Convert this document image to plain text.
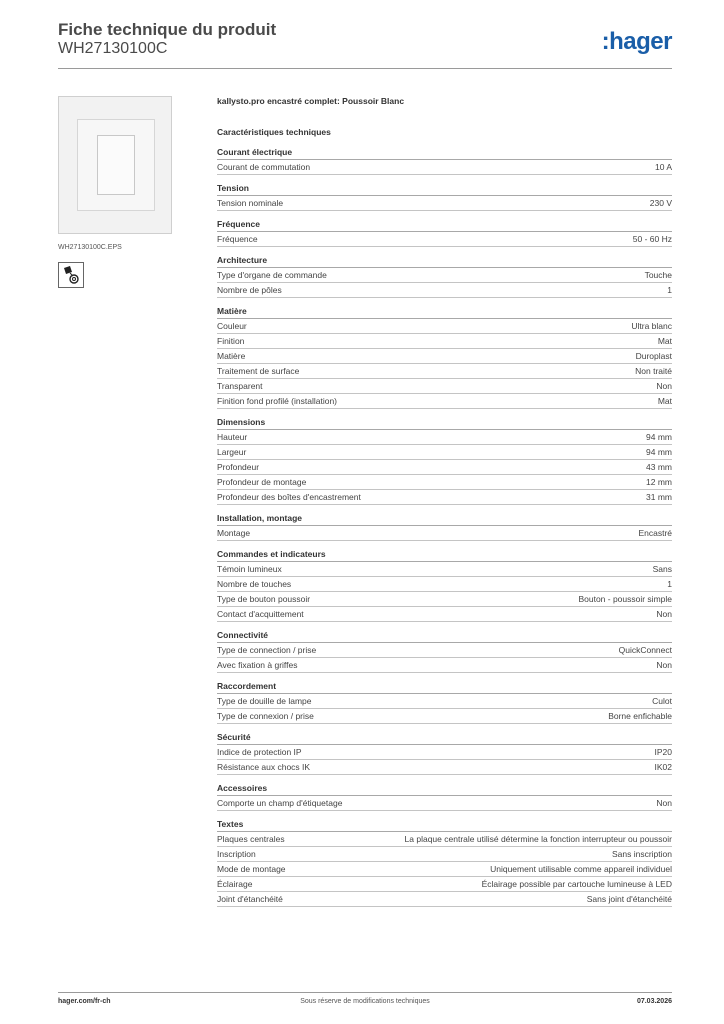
Fiche technique du produit
WH27130100C	:hager
WH27130100C.EPS
kallysto.pro encastré complet: Poussoir Blanc
Caractéristiques techniques
Courant électrique
Courant de commutation	10 A
Tension
Tension nominale	230 V
Fréquence
Fréquence	50 - 60 Hz
Architecture
Type d'organe de commande	Touche
Nombre de pôles	1
Matière
Couleur	Ultra blanc
Finition	Mat
Matière	Duroplast
Traitement de surface	Non traité
Transparent	Non
Finition fond profilé (installation)	Mat
Dimensions
Hauteur	94 mm
Largeur	94 mm
Profondeur	43 mm
Profondeur de montage	12 mm
Profondeur des boîtes d'encastrement	31 mm
Installation, montage
Montage	Encastré
Commandes et indicateurs
Témoin lumineux	Sans
Nombre de touches	1
Type de bouton poussoir	Bouton - poussoir simple
Contact d'acquittement	Non
Connectivité
Type de connection / prise	QuickConnect
Avec fixation à griffes	Non
Raccordement
Type de douille de lampe	Culot
Type de connexion / prise	Borne enfichable
Sécurité
Indice de protection IP	IP20
Résistance aux chocs IK	IK02
Accessoires
Comporte un champ d'étiquetage	Non
Textes
Plaques centrales	La plaque centrale utilisé détermine la fonction interrupteur ou poussoir
Inscription	Sans inscription
Mode de montage	Uniquement utilisable comme appareil individuel
Éclairage	Éclairage possible par cartouche lumineuse à LED
Joint d'étanchéité	Sans joint d'étanchéité
hager.com/fr-ch	Sous réserve de modifications techniques	07.03.2026
